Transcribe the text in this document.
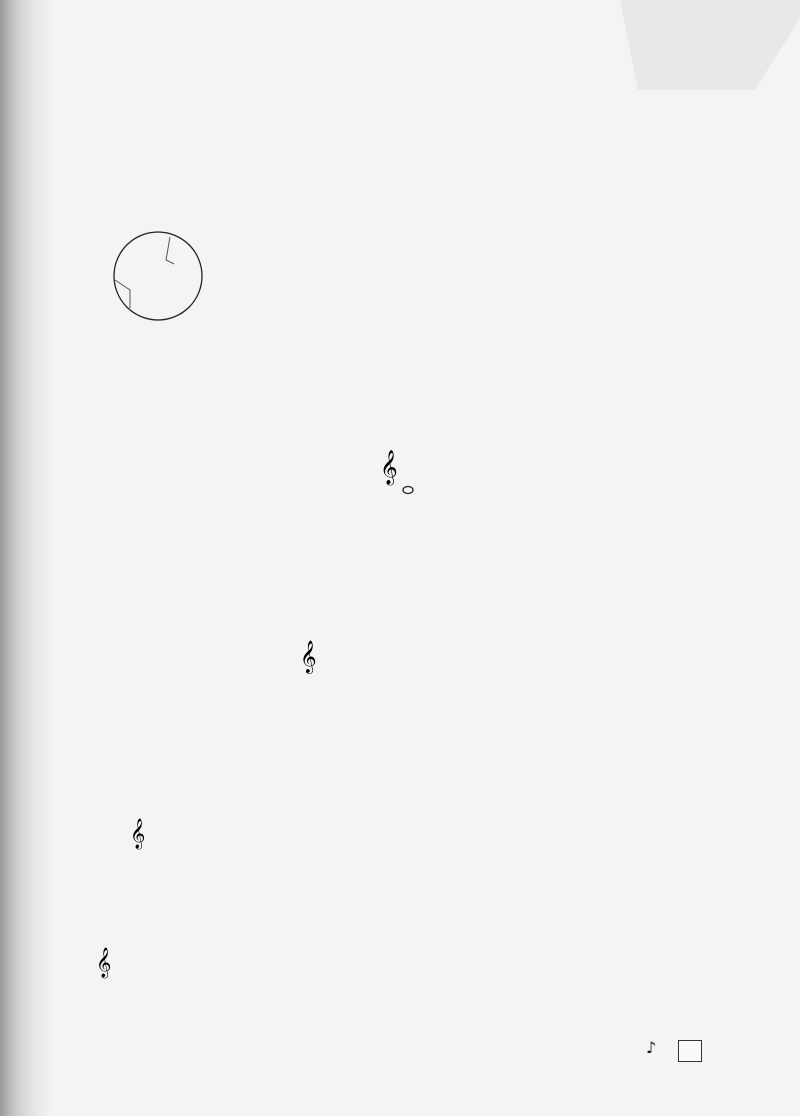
𝄞
𝄞
𝄞
𝄞
♪
